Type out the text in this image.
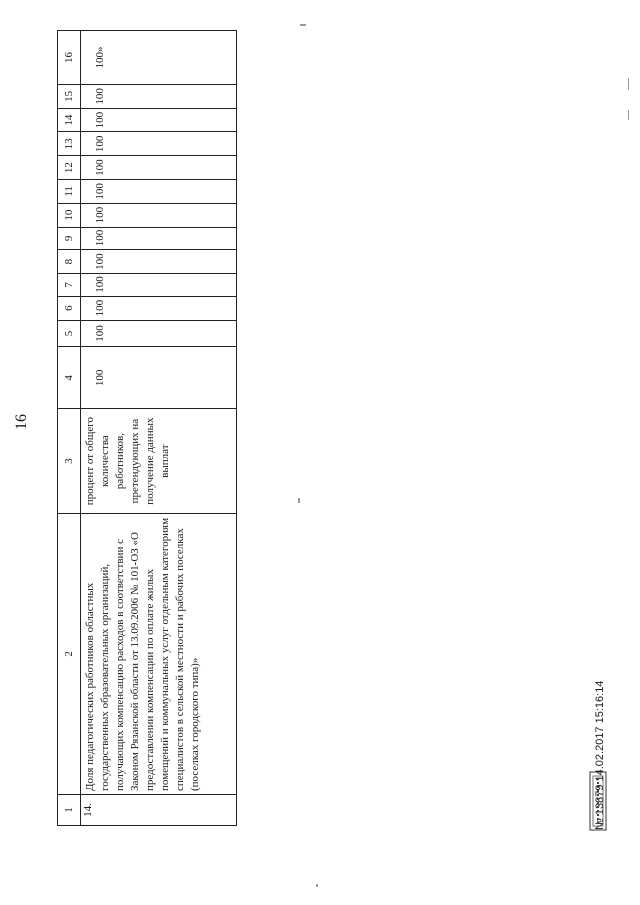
16
1	2	3	4	5	6	7	8	9	10	11	12	13	14	15	16
14.	Доля педагогических работников областных государственных образовательных организаций, получающих компенсацию расходов в соответствии с Законом Рязанской области от 13.09.2006 № 101-ОЗ «О предоставлении компенсации по оплате жилых помещений и коммунальных услуг отдельным категориям специалистов в сельской местности и рабочих поселках (поселках городского типа)»	процент от общего количества работников, претендующих на получение данных выплат	100	100	100	100	100	100	100	100	100	100	100	100	100»
№ 13879 14.02.2017 15:16:14
